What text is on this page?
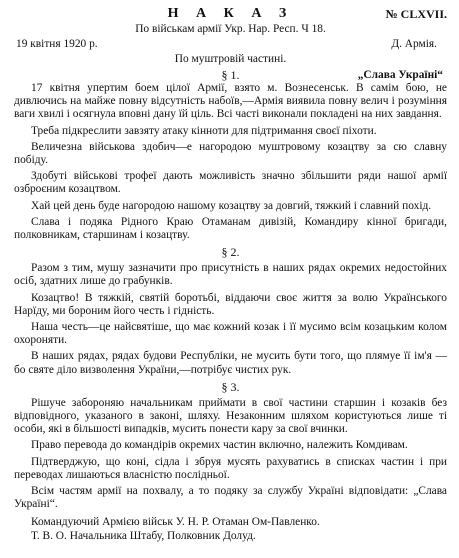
Н А К А З	№ CLXVII.
По військам армії Укр. Нар. Респ. Ч 18.
19 квітня 1920 р.	Д. Армія.
По муштровій частині.
§ 1.	„Слава Україні“

17 квітня упертим боем цілої Армії, взято м. Вознесенськ. В самім бою, не дивлючись на майже повну відсутність набоїв,—Армія виявила повну велич і розуміння ваги хвилі і осягнула вповні дану їй ціль. Всі часті виконали покладені на них завдання.

Треба підкреслити завзяту атаку кінноти для підтримання своєї піхоти.

Величезна військова здобич—е нагородою муштровому козацтву за сю славну побіду.

Здобуті військові трофеї дають можливість значно збільшити ряди нашої армії озброєним козацтвом.

Хай цей день буде нагородою нашому козацтву за довгий, тяжкий і славний похід.

Слава і подяка Рідного Краю Отаманам дивізій, Командиру кінної бригади, полковникам, старшинам і козацтву.

§ 2.

Разом з тим, мушу зазначити про присутність в наших рядах окремих недостойних осіб, здатних лише до грабунків.

Козацтво! В тяжкій, святій боротьбі, віддаючи своє життя за волю Українського Нарїду, ми бороним його честь і гідність.

Наша честь—це найсвятіше, що має кожний козак і її мусимо всім козацьким колом охороняти.

В наших рядах, рядах будови Республіки, не мусить бути того, що плямуе її ім'я — бо святе діло визволення України,—потрібує чистих рук.

§ 3.

Рішуче забороняю начальникам приймати в свої частини старшин і козаків без відповідного, указаного в законі, шляху. Незаконним шляхом користуються лише ті особи, які в більшості випадків, мусить понести кару за свої вчинки.

Право перевода до командірів окремих частин включно, належить Комдивам.

Підтверджую, що коні, сідла і збруя мусять рахуватись в списках частин і при переводах лишаються власністю послідньої.

Всім частям армії на похвалу, а то подяку за службу Україні відповідати: „Слава Україні“.

Командуючий Армією військ У. Н. Р. Отаман Ом-Павленко.

Т. В. О. Начальника Штабу, Полковник Долуд.
